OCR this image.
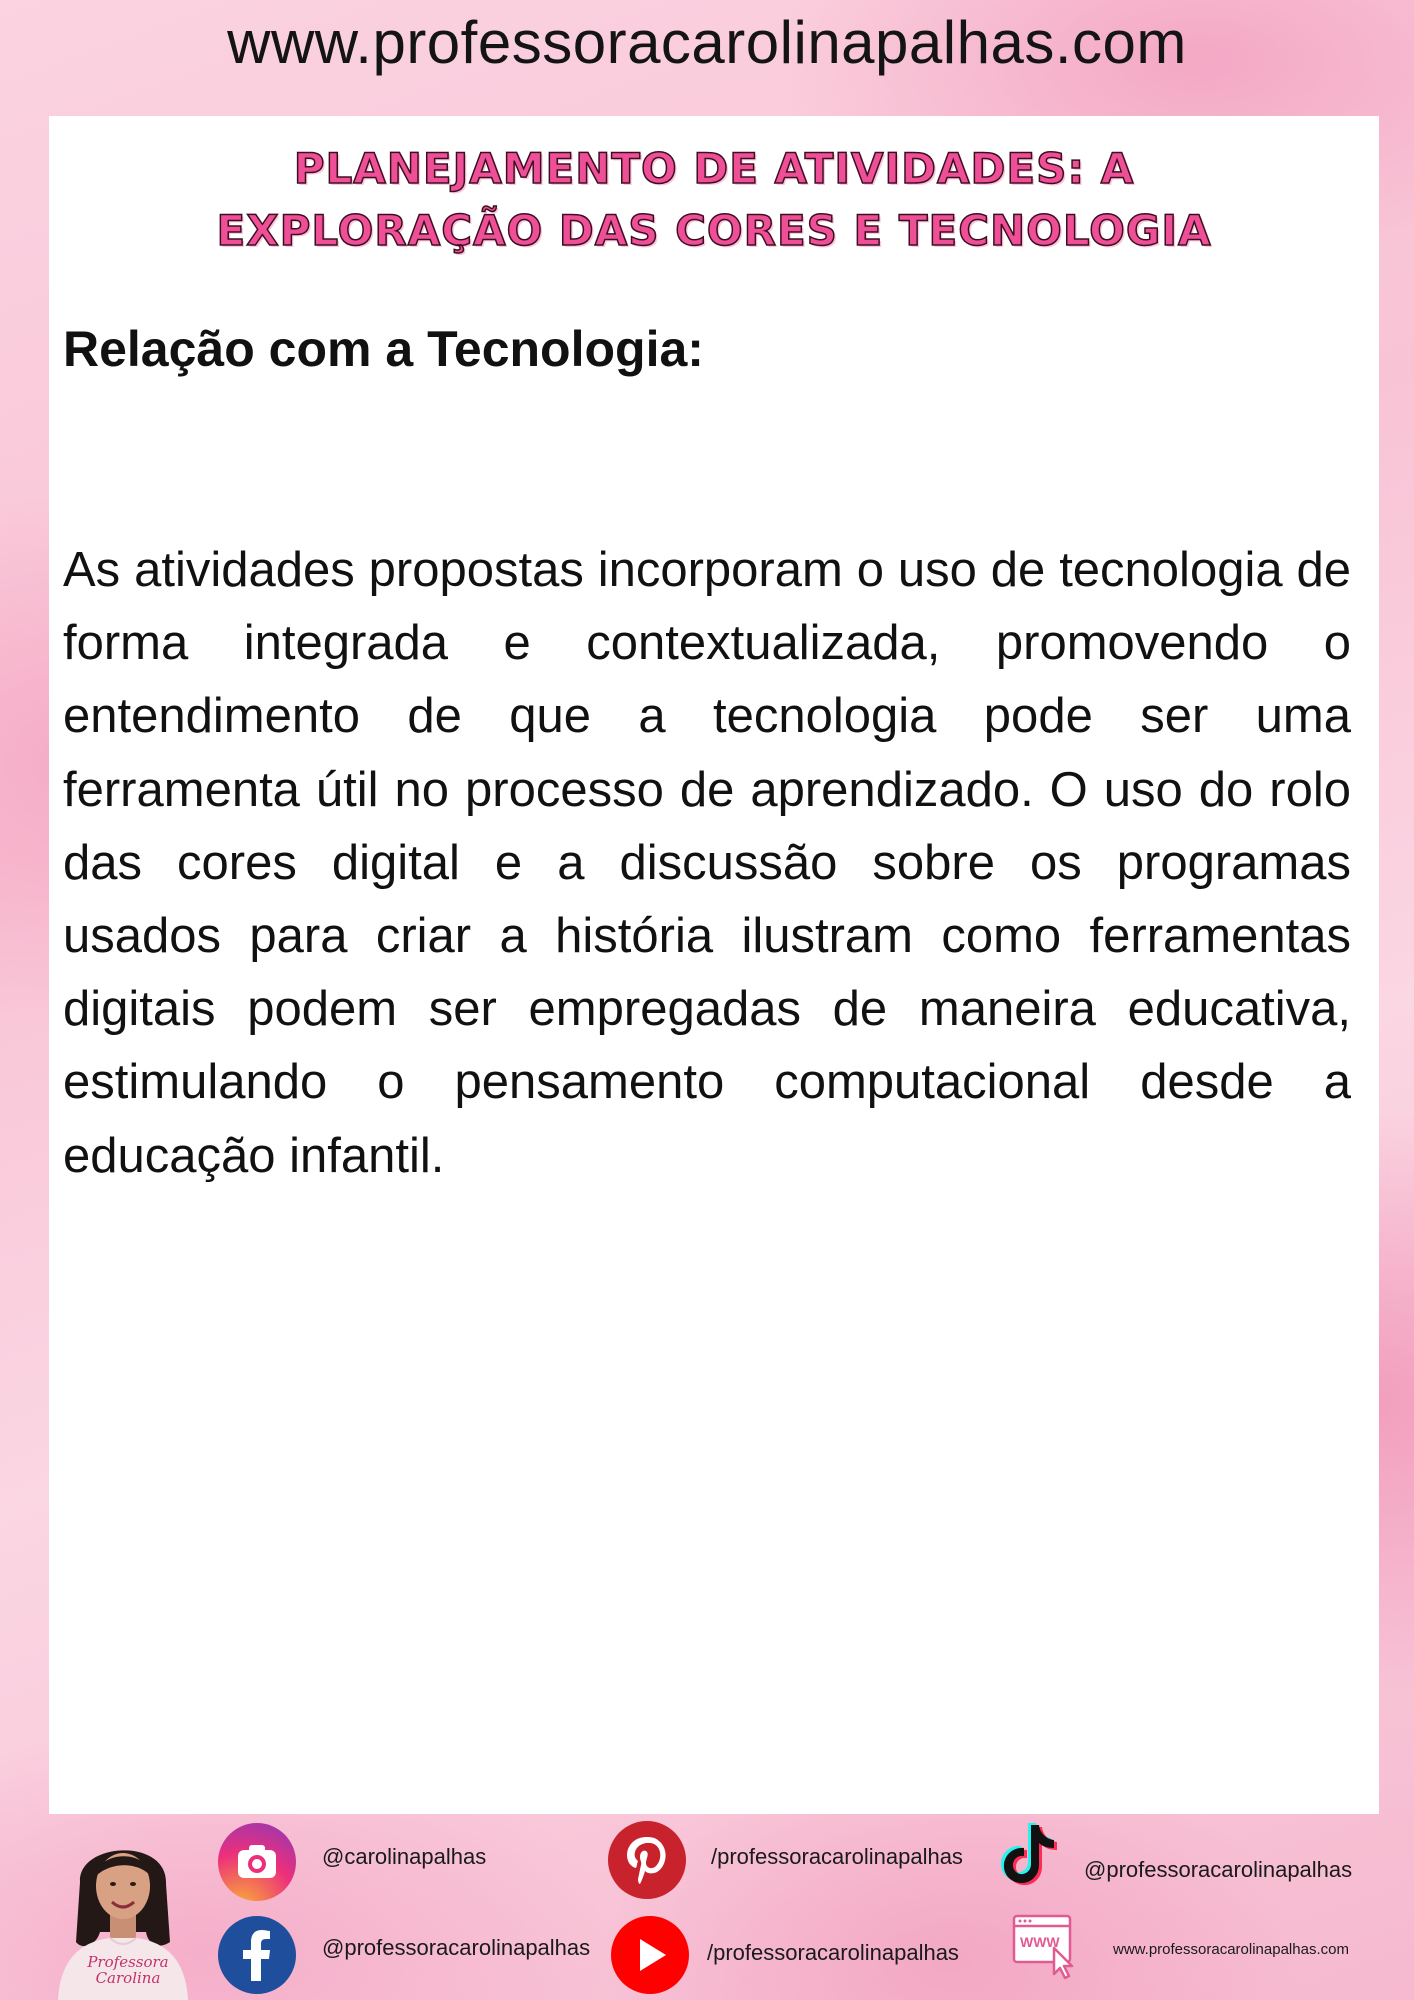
www.professoracarolinapalhas.com
PLANEJAMENTO DE ATIVIDADES: A
EXPLORAÇÃO DAS CORES E TECNOLOGIA
Relação com a Tecnologia:

As atividades propostas incorporam o uso de tecnologia de forma integrada e contextualizada, promovendo o entendimento de que a tecnologia pode ser uma ferramenta útil no processo de aprendizado. O uso do rolo das cores digital e a discussão sobre os programas usados para criar a história ilustram como ferramentas digitais podem ser empregadas de maneira educativa, estimulando o pensamento computacional desde a educação infantil.

Professora Carolina
@carolinapalhas	/professoracarolinapalhas
@professoracarolinapalhas
@professoracarolinapalhas	/professoracarolinapalhas	WWW	www.professoracarolinapalhas.com
